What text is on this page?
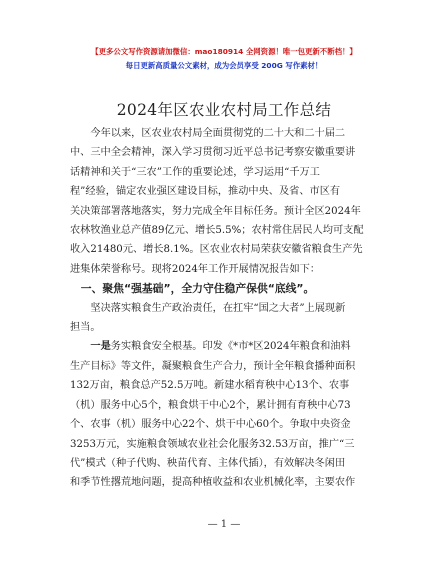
【更多公文写作资源请加微信：mao180914 全网资源！唯一包更新不断档！】
每日更新高质量公文素材，成为会员享受 200G 写作素材！
2024年区农业农村局工作总结
今年以来，区农业农村局全面贯彻党的二十大和二十届二
中、三中全会精神，深入学习贯彻习近平总书记考察安徽重要讲
话精神和关于“三农”工作的重要论述，学习运用“千万工
程”经验，锚定农业强区建设目标，推动中央、及省、市区有
关决策部署落地落实，努力完成全年目标任务。预计全区2024年
农林牧渔业总产值89亿元、增长5.5%；农村常住居民人均可支配
收入21480元、增长8.1%。区农业农村局荣获安徽省粮食生产先
进集体荣誉称号。现将2024年工作开展情况报告如下：
一、聚焦“强基础”，全力守住稳产保供“底线”。
坚决落实粮食生产政治责任，在扛牢“国之大者”上展现新
担当。
一是务实粮食安全根基。印发《*市*区2024年粮食和油料
生产目标》等文件，凝聚粮食生产合力，预计全年粮食播种面积
132万亩，粮食总产52.5万吨。新建水稻育秧中心13个、农事
（机）服务中心5个，粮食烘干中心2个，累计拥有育秧中心73
个、农事（机）服务中心22个、烘干中心60个。争取中央资金
3253万元，实施粮食领域农业社会化服务32.53万亩，推广“三
代”模式（种子代购、秧苗代育、主体代插），有效解决冬闲田
和季节性撂荒地问题，提高种植收益和农业机械化率，主要农作
— 1 —
